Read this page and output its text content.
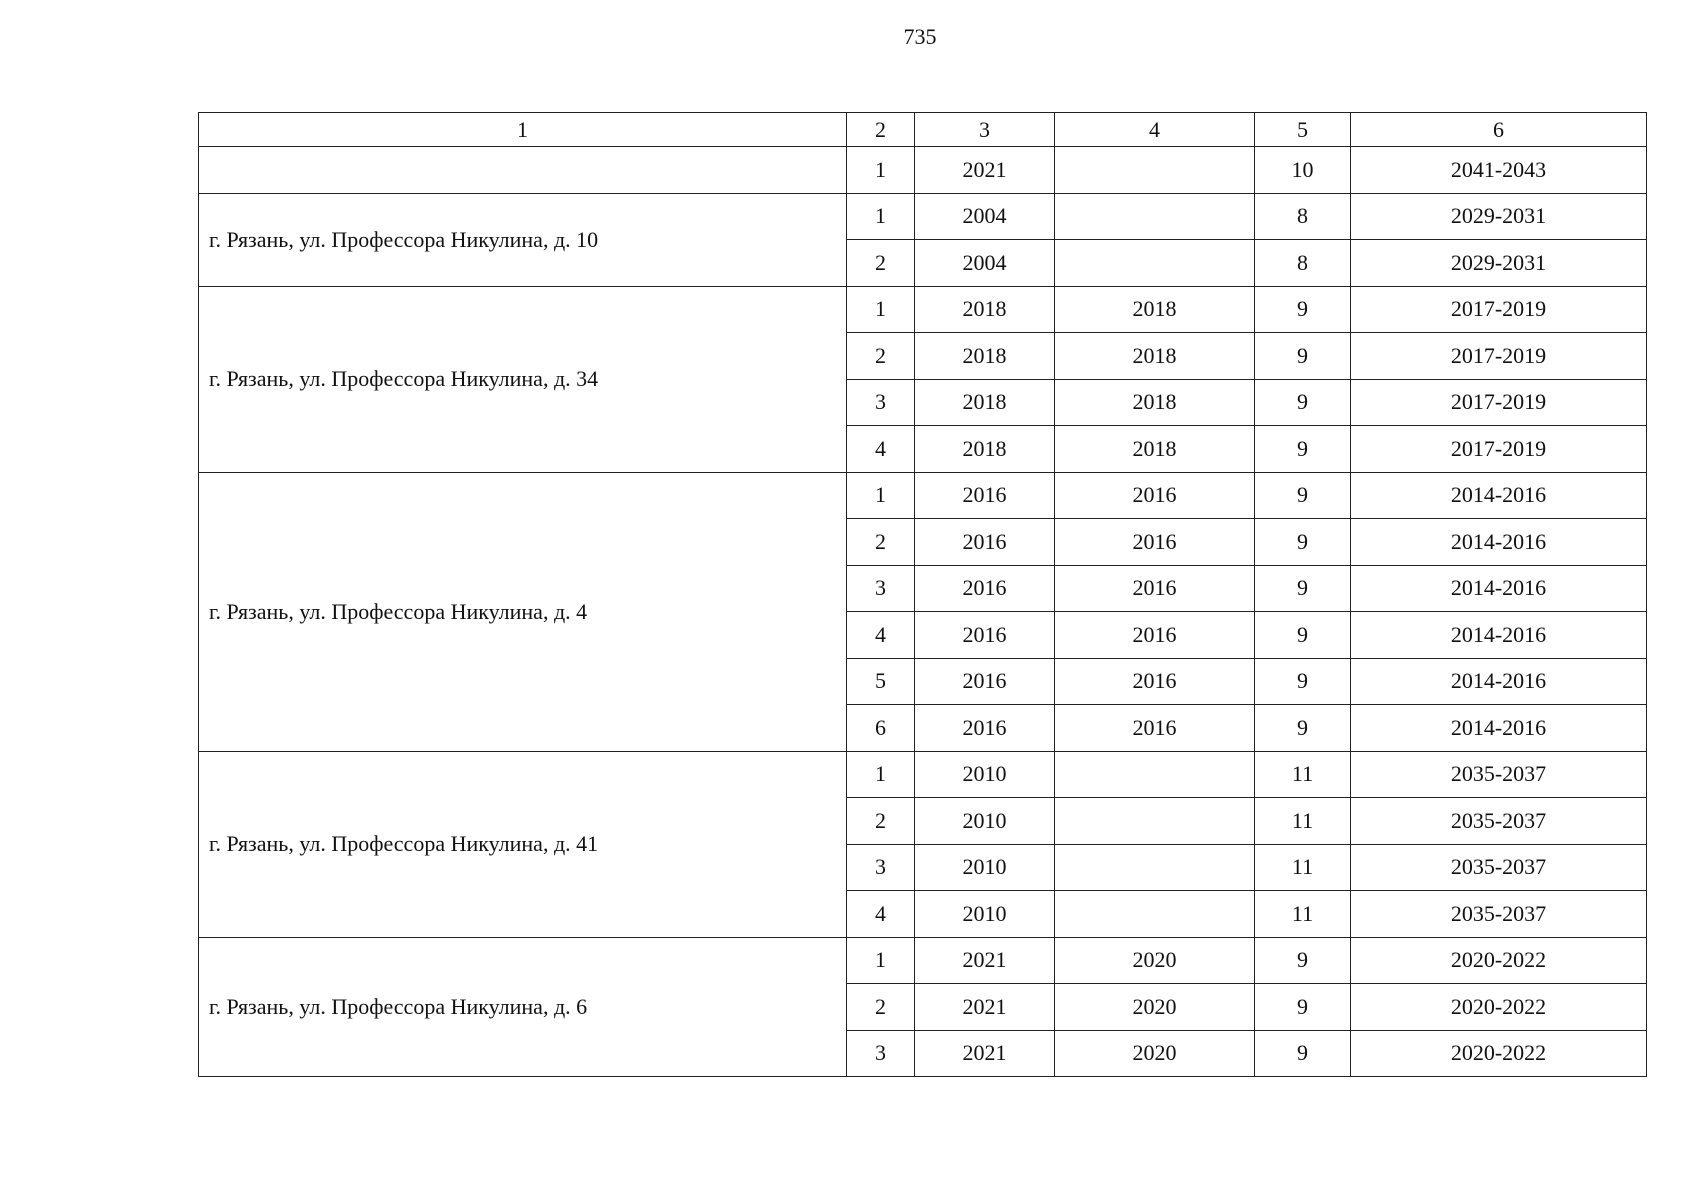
735
1	2	3	4	5	6
	1	2021		10	2041-2043
г. Рязань, ул. Профессора Никулина, д. 10	1	2004		8	2029-2031
	2	2004		8	2029-2031
г. Рязань, ул. Профессора Никулина, д. 34	1	2018	2018	9	2017-2019
	2	2018	2018	9	2017-2019
	3	2018	2018	9	2017-2019
	4	2018	2018	9	2017-2019
г. Рязань, ул. Профессора Никулина, д. 4	1	2016	2016	9	2014-2016
	2	2016	2016	9	2014-2016
	3	2016	2016	9	2014-2016
	4	2016	2016	9	2014-2016
	5	2016	2016	9	2014-2016
	6	2016	2016	9	2014-2016
г. Рязань, ул. Профессора Никулина, д. 41	1	2010		11	2035-2037
	2	2010		11	2035-2037
	3	2010		11	2035-2037
	4	2010		11	2035-2037
г. Рязань, ул. Профессора Никулина, д. 6	1	2021	2020	9	2020-2022
	2	2021	2020	9	2020-2022
	3	2021	2020	9	2020-2022
